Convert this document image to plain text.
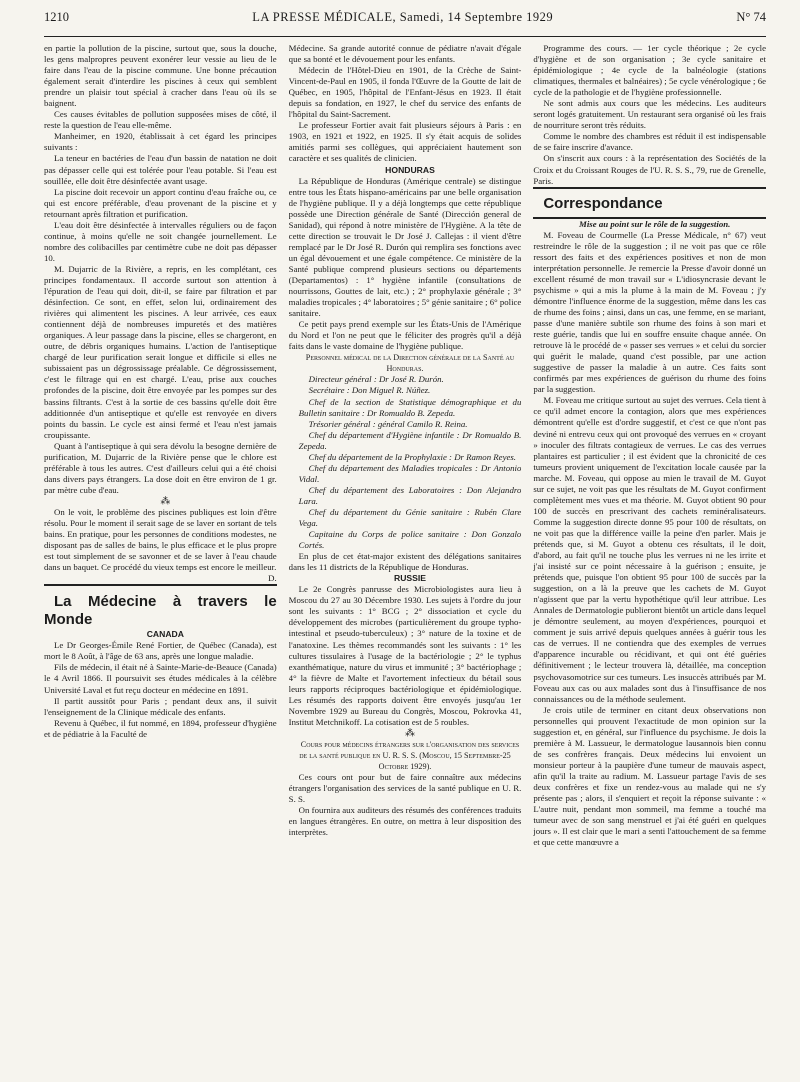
1210	LA PRESSE MÉDICALE, Samedi, 14 Septembre 1929	N° 74

en partie la pollution de la piscine, surtout que, sous la douche, les gens malpropres peuvent exonérer leur vessie au lieu de le faire dans l'eau de la piscine commune. Une bonne précaution également serait d'interdire les piscines à ceux qui semblent prendre un plaisir tout spécial à cracher dans l'eau où ils se baignent.

Ces causes évitables de pollution supposées mises de côté, il reste la question de l'eau elle-même.

Manheimer, en 1920, établissait à cet égard les principes suivants :

La teneur en bactéries de l'eau d'un bassin de natation ne doit pas dépasser celle qui est tolérée pour l'eau potable. Si l'eau est souillée, elle doit être désinfectée avant usage.

La piscine doit recevoir un apport continu d'eau fraîche ou, ce qui est encore préférable, d'eau provenant de la piscine et y retournant après filtration et purification.

L'eau doit être désinfectée à intervalles réguliers ou de façon continue, à moins qu'elle ne soit changée journellement. Le nombre des colibacilles par centimètre cube ne doit pas dépasser 10.

M. Dujarric de la Rivière, a repris, en les complétant, ces principes fondamentaux. Il accorde surtout son attention à l'épuration de l'eau qui doit, dit-il, se faire par filtration et par désinfection. Ce sont, en effet, selon lui, ordinairement des rivières qui alimentent les piscines. A leur arrivée, ces eaux contiennent déjà de nombreuses impuretés et des matières organiques. A leur passage dans la piscine, elles se chargeront, en outre, de débris organiques humains. L'action de l'antiseptique chargé de leur purification serait longue et difficile si elles ne subissaient pas un dégrossissage préalable. Ce dégrossissement, c'est le filtrage qui en est chargé. L'eau, prise aux couches profondes de la piscine, doit être envoyée par les pompes sur des bassins filtrants. C'est à la sortie de ces bassins qu'elle doit être additionnée d'un antiseptique et qu'elle est renvoyée en divers points du bassin. Le cycle est ainsi fermé et l'eau n'est jamais croupissante.

Quant à l'antiseptique à qui sera dévolu la besogne dernière de purification, M. Dujarric de la Rivière pense que le chlore est préférable à tous les autres. C'est d'ailleurs celui qui a été choisi dans divers pays étrangers. La dose doit en être environ de 1 gr. par mètre cube d'eau.

⁂

On le voit, le problème des piscines publiques est loin d'être résolu. Pour le moment il serait sage de se laver en sortant de tels bains. En pratique, pour les personnes de conditions modestes, ne disposant pas de salles de bains, le plus efficace et le plus propre est tout simplement de se savonner et de se laver à l'eau chaude dans un baquet. Ce procédé du vieux temps est encore le meilleur.

D.

La Médecine à travers le Monde

CANADA

Le Dr Georges-Émile René Fortier, de Québec (Canada), est mort le 8 Août, à l'âge de 63 ans, après une longue maladie.

Fils de médecin, il était né à Sainte-Marie-de-Beauce (Canada) le 4 Avril 1866. Il poursuivit ses études médicales à la célèbre Université Laval et fut reçu docteur en médecine en 1891.

Il partit aussitôt pour Paris ; pendant deux ans, il suivit l'enseignement de la Clinique médicale des enfants.

Revenu à Québec, il fut nommé, en 1894, professeur d'hygiène et de pédiatrie à la Faculté de

Médecine. Sa grande autorité connue de pédiatre n'avait d'égale que sa bonté et le dévouement pour les enfants.

Médecin de l'Hôtel-Dieu en 1901, de la Crèche de Saint-Vincent-de-Paul en 1905, il fonda l'Œuvre de la Goutte de lait de Québec, en 1905, l'hôpital de l'Enfant-Jésus en 1923. Il était depuis sa fondation, en 1927, le chef du service des enfants de l'hôpital du Saint-Sacrement.

Le professeur Fortier avait fait plusieurs séjours à Paris : en 1903, en 1921 et 1922, en 1925. Il s'y était acquis de solides amitiés parmi ses collègues, qui appréciaient hautement son caractère et ses qualités de clinicien.

HONDURAS

La République de Honduras (Amérique centrale) se distingue entre tous les États hispano-américains par une belle organisation de l'hygiène publique. Il y a déjà longtemps que cette république possède une Direction générale de Santé (Dirección general de Sanidad), qui répond à notre ministère de l'Hygiène. A la tête de cette direction se trouvait le Dr José J. Callejas : il vient d'être remplacé par le Dr José R. Durón qui remplira ses fonctions avec un égal dévouement et une égale compétence. Ce ministère de la Santé publique comprend plusieurs sections ou départements (Departamentos) : 1° hygiène infantile (consultations de nourrissons, Gouttes de lait, etc.) ; 2° prophylaxie générale ; 3° maladies tropicales ; 4° laboratoires ; 5° génie sanitaire ; 6° police sanitaire.

Ce petit pays prend exemple sur les États-Unis de l'Amérique du Nord et l'on ne peut que le féliciter des progrès qu'il a déjà faits dans le vaste domaine de l'hygiène publique.

Personnel médical de la Direction générale de la Santé au Honduras.

Directeur général : Dr José R. Durón.

Secrétaire : Don Miguel R. Núñez.

Chef de la section de Statistique démographique et du Bulletin sanitaire : Dr Romualdo B. Zepeda.

Trésorier général : général Camilo R. Reina.

Chef du département d'Hygiène infantile : Dr Romualdo B. Zepeda.

Chef du département de la Prophylaxie : Dr Ramon Reyes.

Chef du département des Maladies tropicales : Dr Antonio Vidal.

Chef du département des Laboratoires : Don Alejandro Lara.

Chef du département du Génie sanitaire : Rubén Clare Vega.

Capitaine du Corps de police sanitaire : Don Gonzalo Cortés.

En plus de cet état-major existent des délégations sanitaires dans les 11 districts de la République de Honduras.

RUSSIE

Le 2e Congrès panrusse des Microbiologistes aura lieu à Moscou du 27 au 30 Décembre 1930. Les sujets à l'ordre du jour sont les suivants : 1° BCG ; 2° dissociation et cycle du développement des microbes (particulièrement du groupe typho-intestinal et pseudo-tuberculeux) ; 3° nature de la toxine et de l'anatoxine. Les thèmes recommandés sont les suivants : 1° les cultures tissulaires à l'usage de la bactériologie ; 2° le typhus exanthématique, nature du virus et immunité ; 3° bactériophage ; 4° la fièvre de Malte et l'avortement infectieux du bétail sous leurs rapports réciproques bactériologique et épidémiologique. Les résumés des rapports doivent être envoyés jusqu'au 1er Novembre 1929 au Bureau du Congrès, Moscou, Pokrovka 41, Institut Metchnikoff. La cotisation est de 5 roubles.

⁂

Cours pour médecins étrangers sur l'organisation des services de la santé publique en U. R. S. S. (Moscou, 15 Septembre-25 Octobre 1929).

Ces cours ont pour but de faire connaître aux médecins étrangers l'organisation des services de la santé publique en U. R. S. S.

On fournira aux auditeurs des résumés des conférences traduits en langues étrangères. En outre, on mettra à leur disposition des interprètes.

Programme des cours. — 1er cycle théorique ; 2e cycle d'hygiène et de son organisation ; 3e cycle sanitaire et épidémiologique ; 4e cycle de la balnéologie (stations climatiques, thermales et balnéaires) ; 5e cycle vénérologique ; 6e cycle de la pathologie et de l'hygiène professionnelle.

Ne sont admis aux cours que les médecins. Les auditeurs seront logés gratuitement. Un restaurant sera organisé où les frais de nourriture seront très réduits.

Comme le nombre des chambres est réduit il est indispensable de se faire inscrire d'avance.

On s'inscrit aux cours : à la représentation des Sociétés de la Croix et du Croissant Rouges de l'U. R. S. S., 79, rue de Grenelle, Paris.

Correspondance

Mise au point sur le rôle de la suggestion.

M. Foveau de Courmelle (La Presse Médicale, n° 67) veut restreindre le rôle de la suggestion ; il ne voit pas que ce rôle ressort des faits et des expériences positives et non de mon interprétation personnelle. Je remercie la Presse d'avoir donné un excellent résumé de mon travail sur « L'idiosyncrasie devant le psychisme » qui a mis la plume à la main de M. Foveau ; j'y démontre l'influence énorme de la suggestion, même dans les cas de rhume des foins ; ainsi, dans un cas, une femme, en se mariant, passe d'une manière subtile son rhume des foins à son mari et reste guérie, tandis que lui en souffre ensuite chaque année. On retrouve là le procédé de « passer ses verrues » et celui du sorcier qui guérit le malade, quand c'est possible, par une action suggestive de passer la maladie à un autre. Ces faits sont confirmés par mes expériences de guérison du rhume des foins par la suggestion.

M. Foveau me critique surtout au sujet des verrues. Cela tient à ce qu'il admet encore la contagion, alors que mes expériences démontrent qu'elle est d'ordre suggestif, et c'est ce que n'ont pas deviné ni entrevu ceux qui ont provoqué des verrues en « croyant » inoculer des filtrats contagieux de verrues. Le cas des verrues plantaires est particulier ; il est évident que la chronicité de ces tumeurs provient uniquement de l'excitation locale causée par la marche. M. Foveau, qui oppose au mien le travail de M. Guyot sur ce sujet, ne voit pas que les résultats de M. Guyot confirment complètement mes vues et ma théorie. M. Guyot obtient 90 pour 100 de succès en prescrivant des cachets reminéralisateurs. Comme la suggestion directe donne 95 pour 100 de résultats, on ne voit pas que la différence vaille la peine d'en parler. Mais je prétends que, si M. Guyot a obtenu ces résultats, il le doit, d'abord, au fait qu'il ne touche plus les verrues ni ne les irrite et j'ai insisté sur ce point nécessaire à la guérison ; ensuite, je prétends que, puisque l'on obtient 95 pour 100 de succès par la suggestion, on a là la preuve que les cachets de M. Guyot n'agissent que par la vertu hypothétique qu'il leur attribue. Les Annales de Dermatologie publieront bientôt un article dans lequel je démontre seulement, au moyen d'expériences, pourquoi et comment je suis arrivé depuis quelques années à guérir tous les cas de verrues. Il ne contiendra que des exemples de verrues d'apparence incurable ou récidivant, et qui ont été guéries définitivement ; le lecteur trouvera là, détaillée, ma conception psychovasomotrice sur ces tumeurs. Les insuccès attribués par M. Foveau aux cas ou aux malades sont dus à l'insuffisance de nos connaissances ou de la méthode seulement.

Je crois utile de terminer en citant deux observations non personnelles qui prouvent l'exactitude de mon opinion sur la suggestion et, en général, sur l'influence du psychisme. Je dois la première à M. Lassueur, le dermatologue lausannois bien connu de ses confrères français. Deux médecins lui envoient un monsieur porteur à la paupière d'une tumeur de mauvais aspect, afin qu'il la traite au radium. M. Lassueur partage l'avis de ses deux confrères et fixe un rendez-vous au malade qui ne s'y présente pas ; alors, il s'enquiert et reçoit la réponse suivante : « L'autre nuit, pendant mon sommeil, ma femme a touché ma tumeur avec de son sang menstruel et j'ai été guéri en quelques jours ». Il est clair que le mari a senti l'attouchement de sa femme et que cette manœuvre a
